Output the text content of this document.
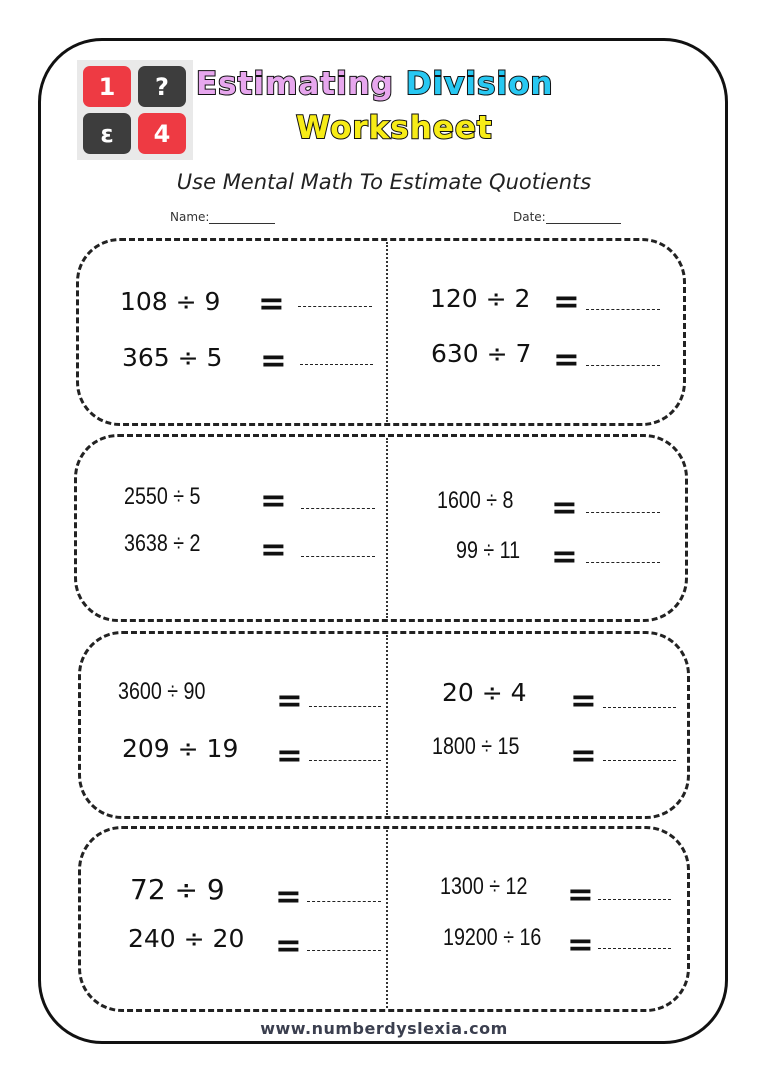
1	?
ε	4
Estimating Division
Worksheet
Use Mental Math To Estimate Quotients
Name:	Date:
108 ÷ 9 =
365 ÷ 5 =
120 ÷ 2 =
630 ÷ 7 =
2550 ÷ 5 =
3638 ÷ 2 =
1600 ÷ 8 =
99 ÷ 11 =
3600 ÷ 90 =
209 ÷ 19 =
20 ÷ 4 =
1800 ÷ 15 =
72 ÷ 9 =
240 ÷ 20 =
1300 ÷ 12 =
19200 ÷ 16 =
www.numberdyslexia.com
